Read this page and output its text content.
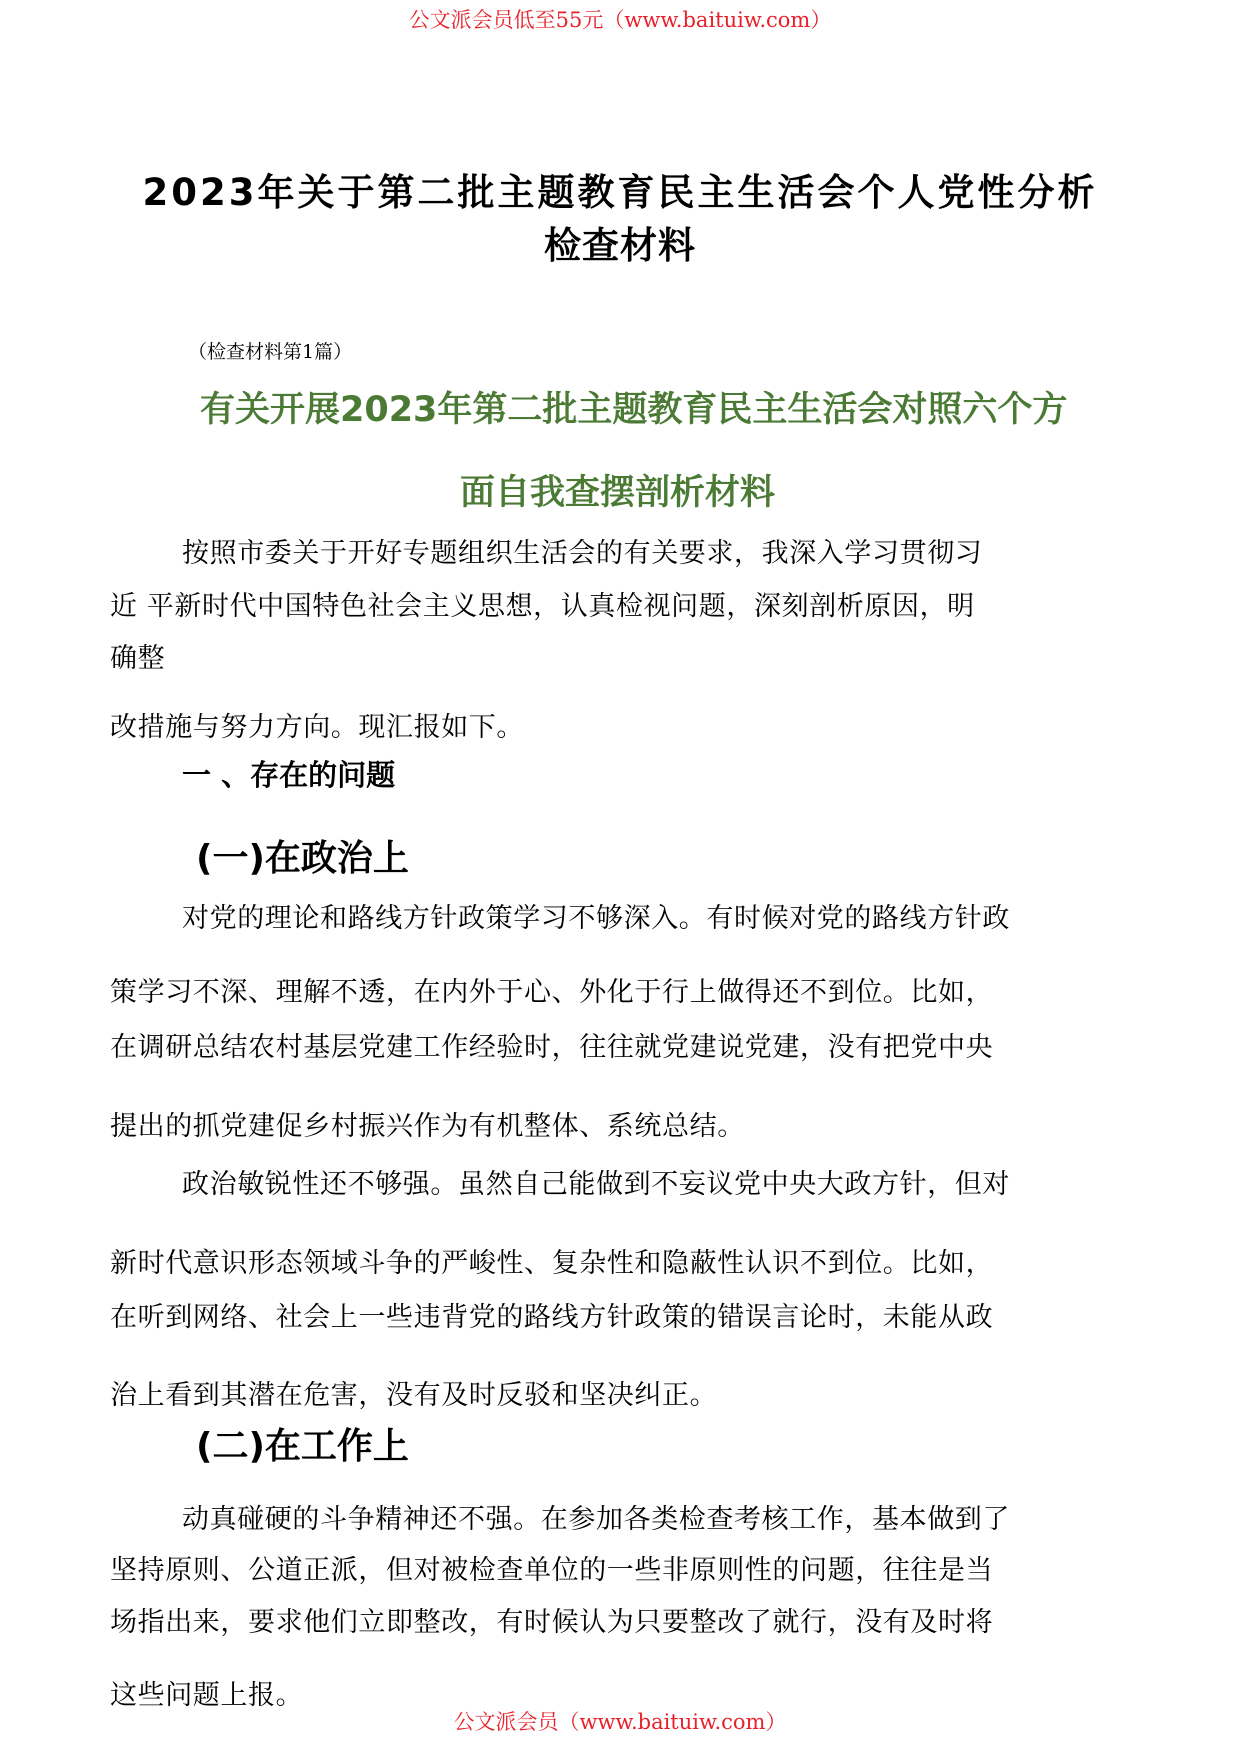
公文派会员低至55元（www.baituiw.com）
2023年关于第二批主题教育民主生活会个人党性分析
检查材料
（检查材料第1篇）
有关开展2023年第二批主题教育民主生活会对照六个方
面自我查摆剖析材料
按照市委关于开好专题组织生活会的有关要求，我深入学习贯彻习
近 平新时代中国特色社会主义思想，认真检视问题，深刻剖析原因，明
确整
改措施与努力方向。现汇报如下。
一 、存在的问题
(一)在政治上
对党的理论和路线方针政策学习不够深入。有时候对党的路线方针政
策学习不深、理解不透，在内外于心、外化于行上做得还不到位。比如，
在调研总结农村基层党建工作经验时，往往就党建说党建，没有把党中央
提出的抓党建促乡村振兴作为有机整体、系统总结。
政治敏锐性还不够强。虽然自己能做到不妄议党中央大政方针，但对
新时代意识形态领域斗争的严峻性、复杂性和隐蔽性认识不到位。比如，
在听到网络、社会上一些违背党的路线方针政策的错误言论时，未能从政
治上看到其潜在危害，没有及时反驳和坚决纠正。
(二)在工作上
动真碰硬的斗争精神还不强。在参加各类检查考核工作，基本做到了
坚持原则、公道正派，但对被检查单位的一些非原则性的问题，往往是当
场指出来，要求他们立即整改，有时候认为只要整改了就行，没有及时将
这些问题上报。
公文派会员（www.baituiw.com）
